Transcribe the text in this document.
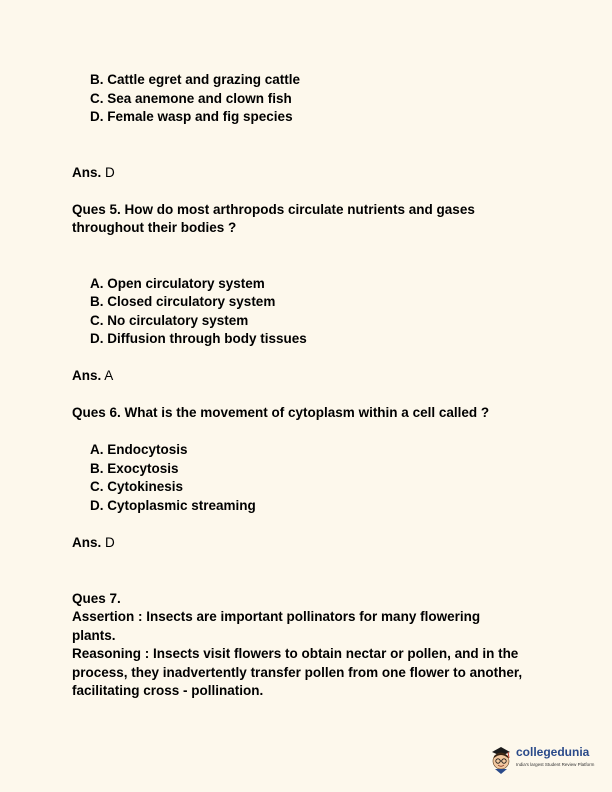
B. Cattle egret and grazing cattle
C. Sea anemone and clown fish
D. Female wasp and fig species
Ans. D
Ques 5. How do most arthropods circulate nutrients and gases
throughout their bodies ?
A. Open circulatory system
B. Closed circulatory system
C. No circulatory system
D. Diffusion through body tissues
Ans. A
Ques 6. What is the movement of cytoplasm within a cell called ?
A. Endocytosis
B. Exocytosis
C. Cytokinesis
D. Cytoplasmic streaming
Ans. D
Ques 7.
Assertion : Insects are important pollinators for many flowering
plants.
Reasoning : Insects visit flowers to obtain nectar or pollen, and in the
process, they inadvertently transfer pollen from one flower to another,
facilitating cross - pollination.
collegedunia
India's largest Student Review Platform
